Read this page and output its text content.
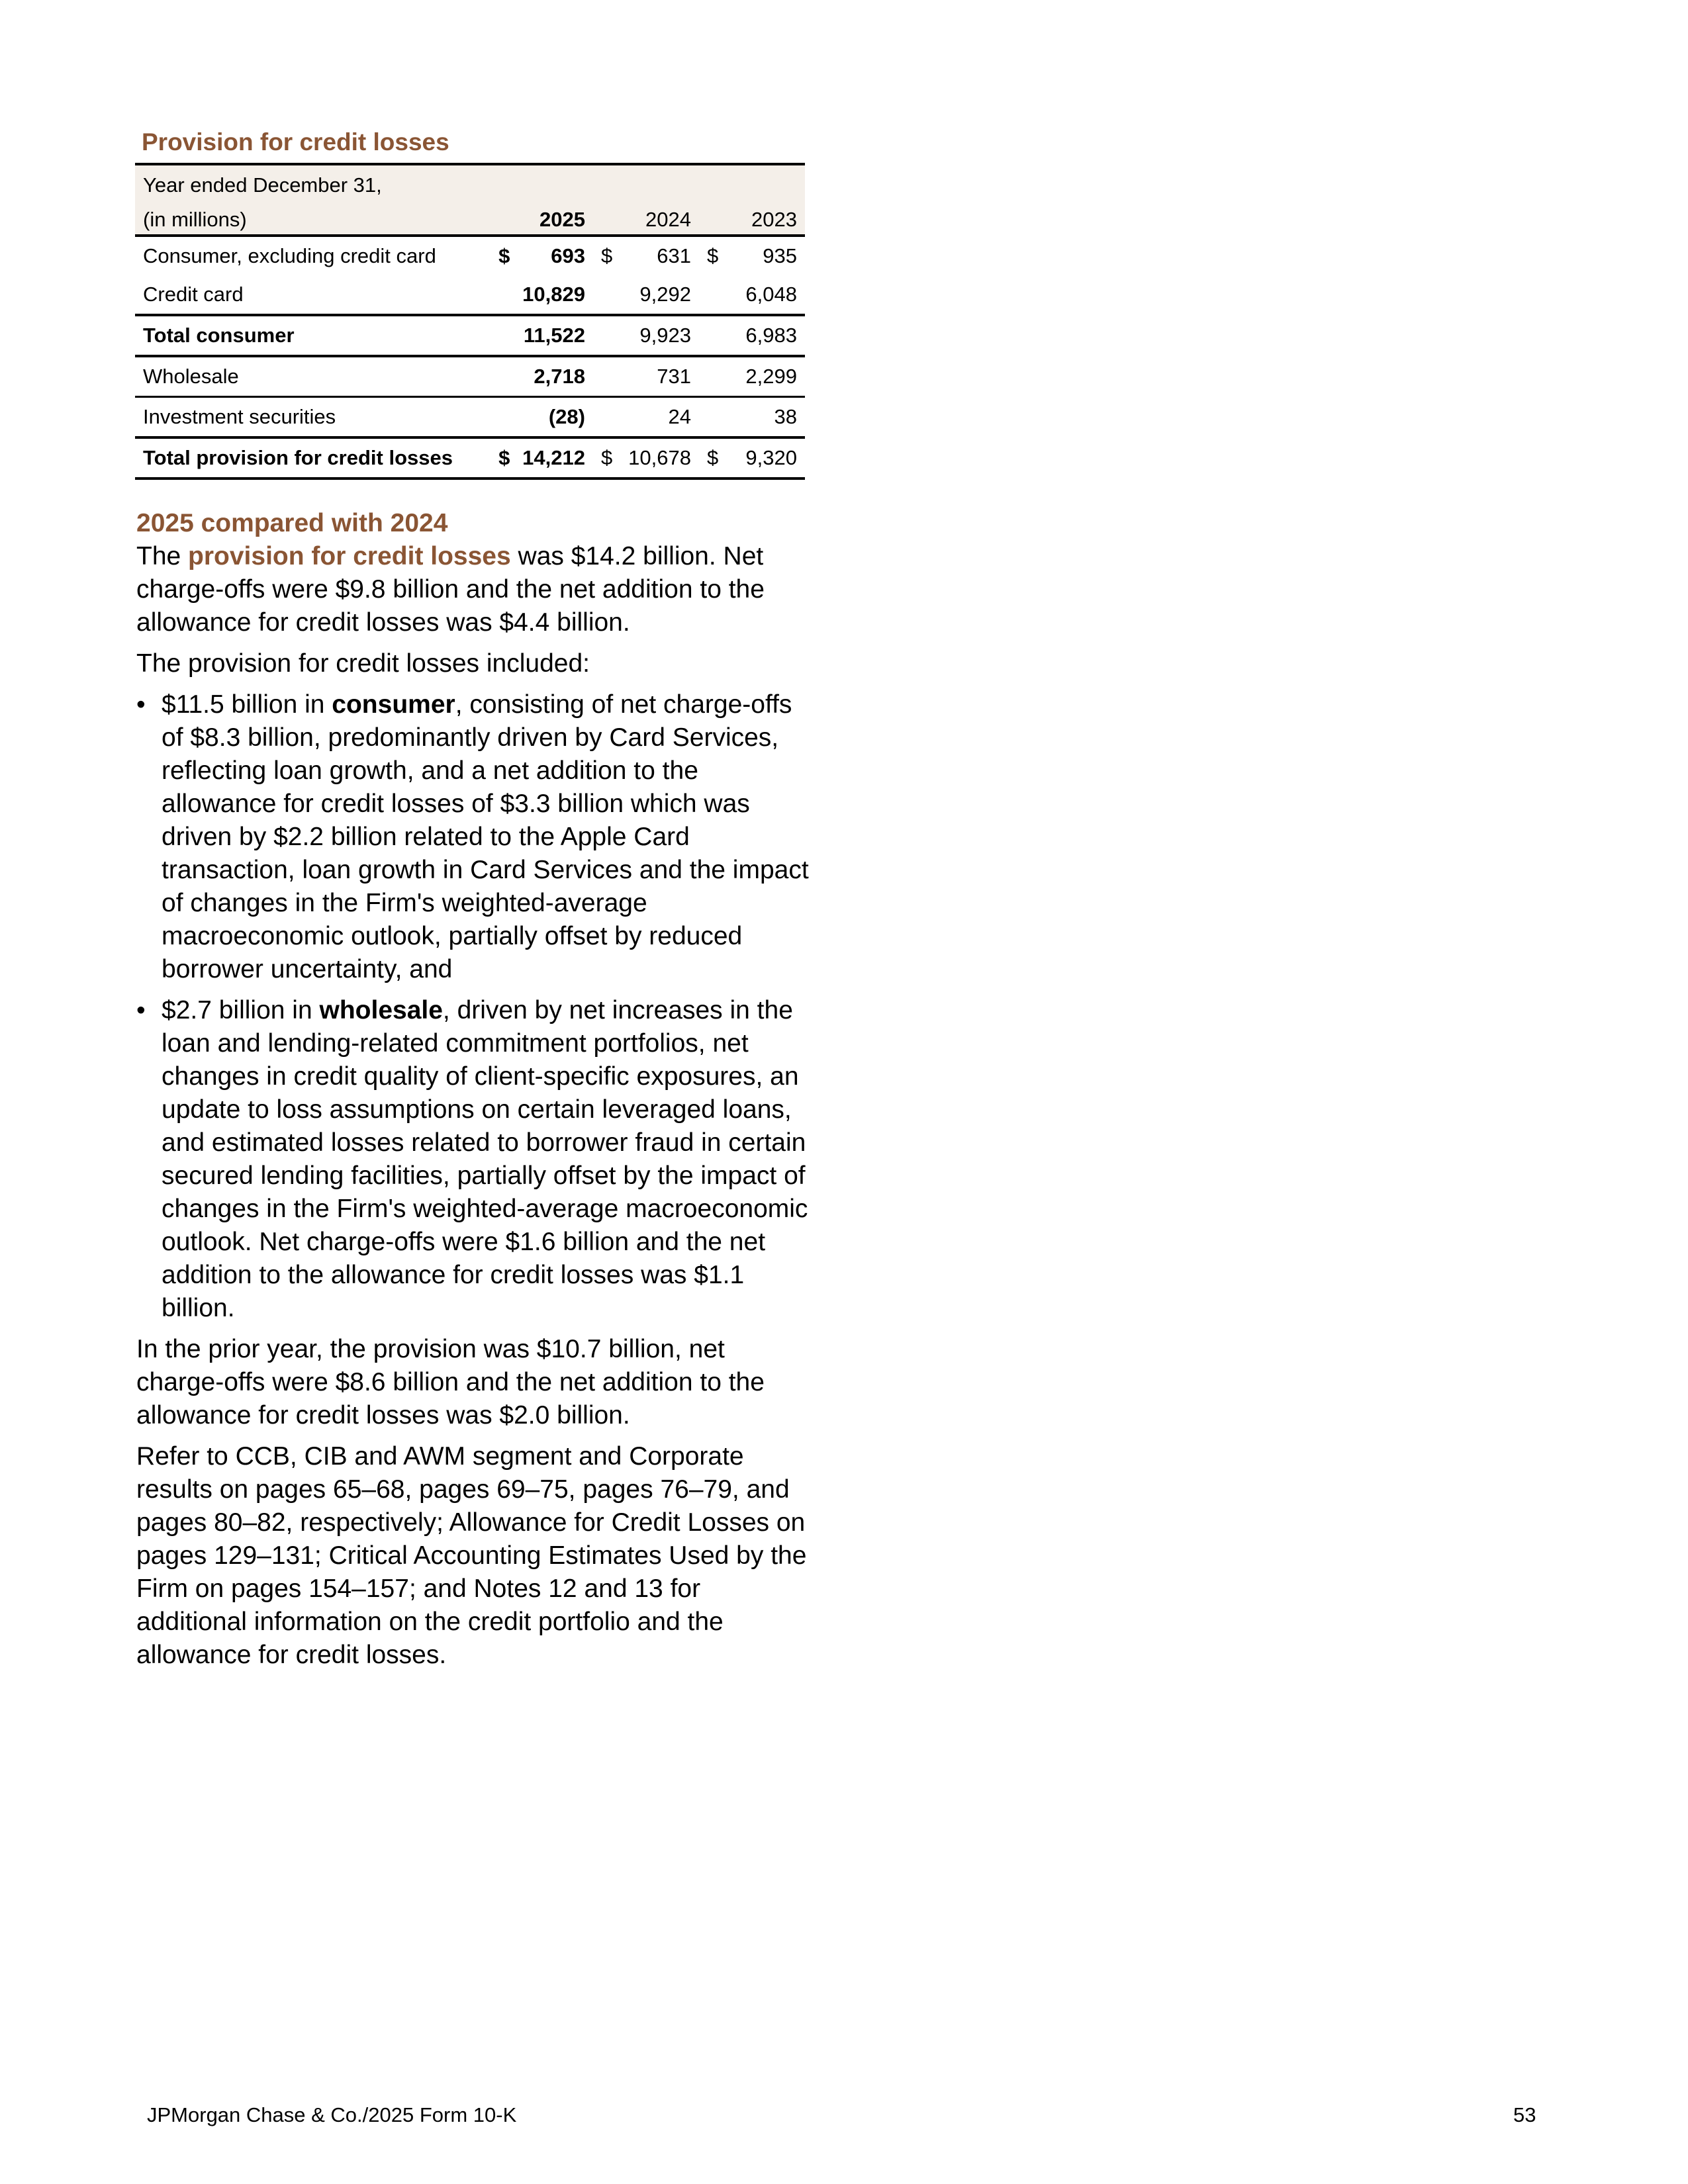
Provision for credit losses
Year ended December 31,						
(in millions)		2025		2024		2023
Consumer, excluding credit card	$	693	$	631	$	935
Credit card		10,829		9,292		6,048
Total consumer		11,522		9,923		6,983
Wholesale		2,718		731		2,299
Investment securities		(28)		24		38
Total provision for credit losses	$	14,212	$	10,678	$	9,320
2025 compared with 2024

The provision for credit losses was $14.2 billion. Net charge-offs were $9.8 billion and the net addition to the allowance for credit losses was $4.4 billion.

The provision for credit losses included:

• $11.5 billion in consumer, consisting of net charge-offs of $8.3 billion, predominantly driven by Card Services, reflecting loan growth, and a net addition to the allowance for credit losses of $3.3 billion which was driven by $2.2 billion related to the Apple Card transaction, loan growth in Card Services and the impact of changes in the Firm's weighted-average macroeconomic outlook, partially offset by reduced borrower uncertainty, and
• $2.7 billion in wholesale, driven by net increases in the loan and lending-related commitment portfolios, net changes in credit quality of client-specific exposures, an update to loss assumptions on certain leveraged loans, and estimated losses related to borrower fraud in certain secured lending facilities, partially offset by the impact of changes in the Firm's weighted-average macroeconomic outlook. Net charge-offs were $1.6 billion and the net addition to the allowance for credit losses was $1.1 billion.

In the prior year, the provision was $10.7 billion, net charge-offs were $8.6 billion and the net addition to the allowance for credit losses was $2.0 billion.

Refer to CCB, CIB and AWM segment and Corporate results on pages 65–68, pages 69–75, pages 76–79, and pages 80–82, respectively; Allowance for Credit Losses on pages 129–131; Critical Accounting Estimates Used by the Firm on pages 154–157; and Notes 12 and 13 for additional information on the credit portfolio and the allowance for credit losses.

JPMorgan Chase & Co./2025 Form 10-K	53
